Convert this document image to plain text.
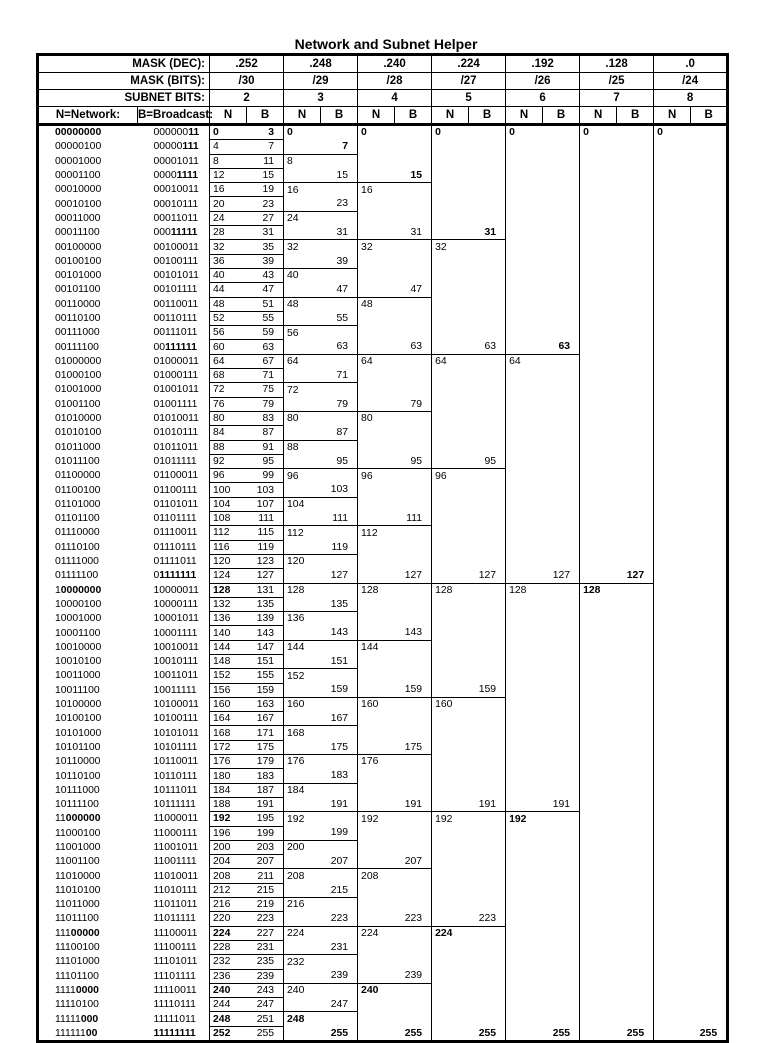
Network and Subnet Helper
MASK (DEC):		.252		.248		.240		.224		.192		.128		.0	
MASK (BITS):		/30		/29		/28		/27		/26		/25		/24	
SUBNET BITS:		2		3		4		5		6		7		8	
N=Network:	B=Broadcast:	N	B	N	B	N	B	N	B	N	B	N	B	N	B
00000000	00000011	0	3	0		0		0		0		0		0	
00000100	00000111	4	7		7										
00001000	00001011	8	11	8											
00001100	00001111	12	15		15		15								
00010000	00010011	16	19	16		16									
00010100	00010111	20	23		23										
00011000	00011011	24	27	24											
00011100	00011111	28	31		31		31		31						
00100000	00100011	32	35	32		32		32							
00100100	00100111	36	39		39										
00101000	00101011	40	43	40											
00101100	00101111	44	47		47		47								
00110000	00110011	48	51	48		48									
00110100	00110111	52	55		55										
00111000	00111011	56	59	56											
00111100	00111111	60	63		63		63		63		63				
01000000	01000011	64	67	64		64		64		64					
01000100	01000111	68	71		71										
01001000	01001011	72	75	72											
01001100	01001111	76	79		79		79								
01010000	01010011	80	83	80		80									
01010100	01010111	84	87		87										
01011000	01011011	88	91	88											
01011100	01011111	92	95		95		95		95						
01100000	01100011	96	99	96		96		96							
01100100	01100111	100	103		103										
01101000	01101011	104	107	104											
01101100	01101111	108	111		111		111								
01110000	01110011	112	115	112		112									
01110100	01110111	116	119		119										
01111000	01111011	120	123	120											
01111100	01111111	124	127		127		127		127		127		127		
10000000	10000011	128	131	128		128		128		128		128			
10000100	10000111	132	135		135										
10001000	10001011	136	139	136											
10001100	10001111	140	143		143		143								
10010000	10010011	144	147	144		144									
10010100	10010111	148	151		151										
10011000	10011011	152	155	152											
10011100	10011111	156	159		159		159		159						
10100000	10100011	160	163	160		160		160							
10100100	10100111	164	167		167										
10101000	10101011	168	171	168											
10101100	10101111	172	175		175		175								
10110000	10110011	176	179	176		176									
10110100	10110111	180	183		183										
10111000	10111011	184	187	184											
10111100	10111111	188	191		191		191		191		191				
11000000	11000011	192	195	192		192		192		192					
11000100	11000111	196	199		199										
11001000	11001011	200	203	200											
11001100	11001111	204	207		207		207								
11010000	11010011	208	211	208		208									
11010100	11010111	212	215		215										
11011000	11011011	216	219	216											
11011100	11011111	220	223		223		223		223						
11100000	11100011	224	227	224		224		224							
11100100	11100111	228	231		231										
11101000	11101011	232	235	232											
11101100	11101111	236	239		239		239								
11110000	11110011	240	243	240		240									
11110100	11110111	244	247		247										
11111000	11111011	248	251	248											
11111100	11111111	252	255		255		255		255		255		255		255
